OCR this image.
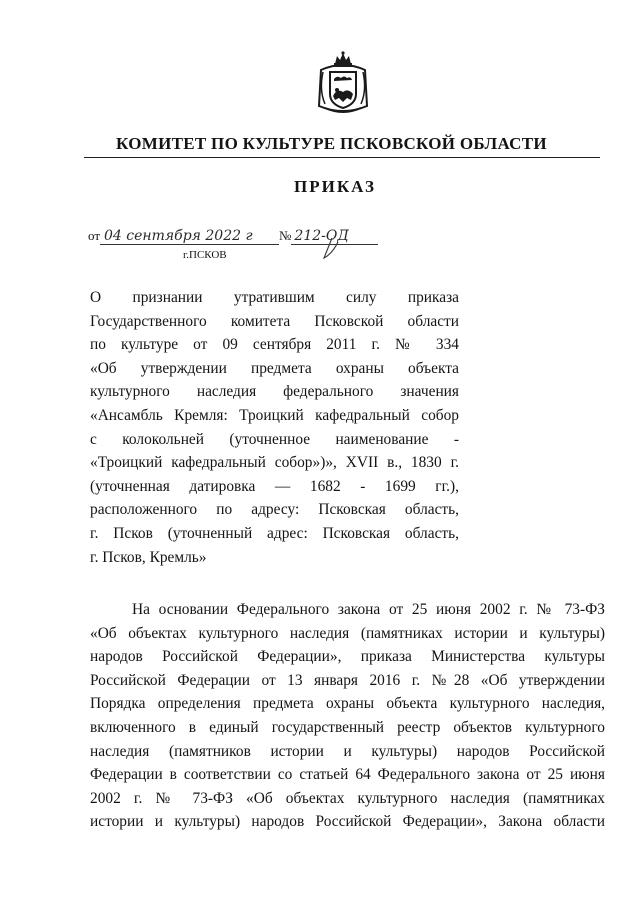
КОМИТЕТ ПО КУЛЬТУРЕ ПСКОВСКОЙ ОБЛАСТИ
ПРИКАЗ
от 04 сентября 2022 г № 212-ОД
г.ПСКОВ
О признании утратившим силу приказа
Государственного комитета Псковской области
по культуре от 09 сентября 2011 г. № 334
«Об утверждении предмета охраны объекта
культурного наследия федерального значения
«Ансамбль Кремля: Троицкий кафедральный собор
с колокольней (уточненное наименование -
«Троицкий кафедральный собор»)», XVII в., 1830 г.
(уточненная датировка — 1682 - 1699 гг.),
расположенного по адресу: Псковская область,
г. Псков (уточненный адрес: Псковская область,
г. Псков, Кремль»
На основании Федерального закона от 25 июня 2002 г. № 73-ФЗ
«Об объектах культурного наследия (памятниках истории и культуры)
народов Российской Федерации», приказа Министерства культуры
Российской Федерации от 13 января 2016 г. №28 «Об утверждении
Порядка определения предмета охраны объекта культурного наследия,
включенного в единый государственный реестр объектов культурного
наследия (памятников истории и культуры) народов Российской
Федерации в соответствии со статьей 64 Федерального закона от 25 июня
2002 г. № 73-ФЗ «Об объектах культурного наследия (памятниках
истории и культуры) народов Российской Федерации», Закона области
